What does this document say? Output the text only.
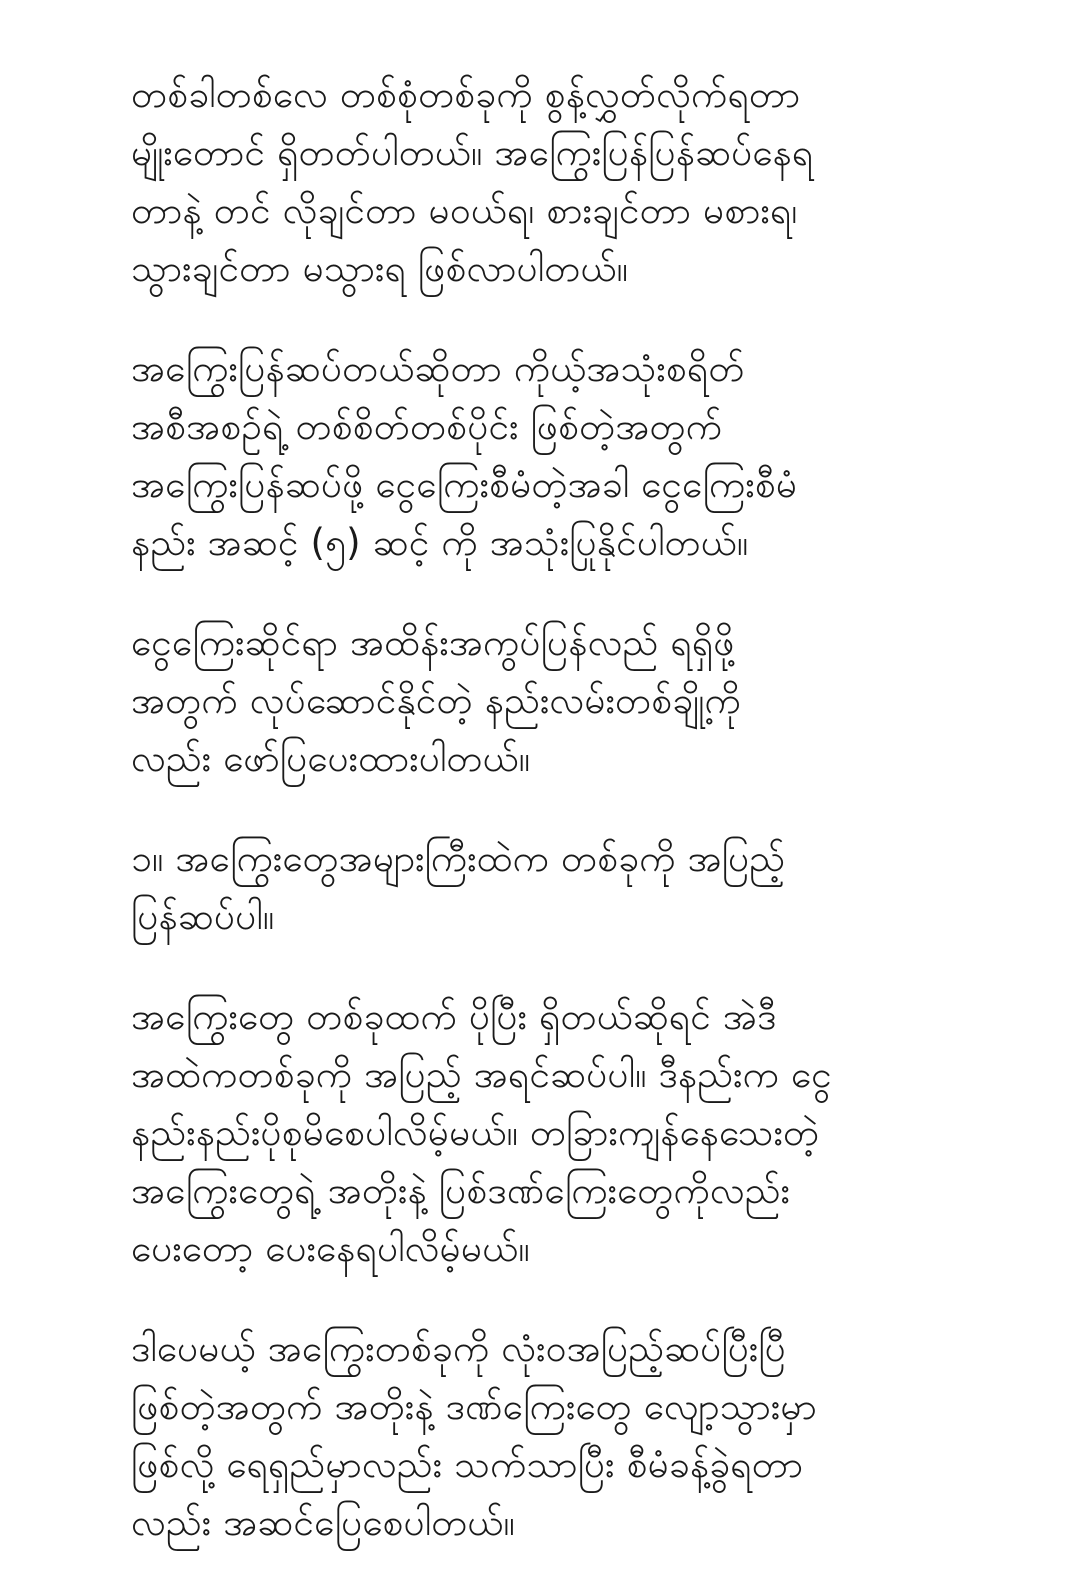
တစ်ခါတစ်လေ တစ်စုံတစ်ခုကို စွန့်လွှတ်လိုက်ရတာ
မျိုးတောင် ရှိတတ်ပါတယ်။ အကြွေးပြန်ပြန်ဆပ်နေရ
တာနဲ့ တင် လိုချင်တာ မဝယ်ရ၊ စားချင်တာ မစားရ၊
သွားချင်တာ မသွားရ ဖြစ်လာပါတယ်။

အကြွေးပြန်ဆပ်တယ်ဆိုတာ ကိုယ့်အသုံးစရိတ်
အစီအစဉ်ရဲ့ တစ်စိတ်တစ်ပိုင်း ဖြစ်တဲ့အတွက်
အကြွေးပြန်ဆပ်ဖို့ ငွေကြေးစီမံတဲ့အခါ ငွေကြေးစီမံ
နည်း အဆင့် (၅) ဆင့် ကို အသုံးပြုနိုင်ပါတယ်။

ငွေကြေးဆိုင်ရာ အထိန်းအကွပ်ပြန်လည် ရရှိဖို့
အတွက် လုပ်ဆောင်နိုင်တဲ့ နည်းလမ်းတစ်ချို့ကို
လည်း ဖော်ပြပေးထားပါတယ်။

၁။ အကြွေးတွေအများကြီးထဲက တစ်ခုကို အပြည့်
ပြန်ဆပ်ပါ။

အကြွေးတွေ တစ်ခုထက် ပိုပြီး ရှိတယ်ဆိုရင် အဲဒီ
အထဲကတစ်ခုကို အပြည့် အရင်ဆပ်ပါ။ ဒီနည်းက ငွေ
နည်းနည်းပိုစုမိစေပါလိမ့်မယ်။ တခြားကျန်နေသေးတဲ့
အကြွေးတွေရဲ့ အတိုးနဲ့ ပြစ်ဒဏ်ကြေးတွေကိုလည်း
ပေးတော့ ပေးနေရပါလိမ့်မယ်။

ဒါပေမယ့် အကြွေးတစ်ခုကို လုံးဝအပြည့်ဆပ်ပြီးပြီ
ဖြစ်တဲ့အတွက် အတိုးနဲ့ ဒဏ်ကြေးတွေ လျော့သွားမှာ
ဖြစ်လို့ ရေရှည်မှာလည်း သက်သာပြီး စီမံခန့်ခွဲရတာ
လည်း အဆင်ပြေစေပါတယ်။
